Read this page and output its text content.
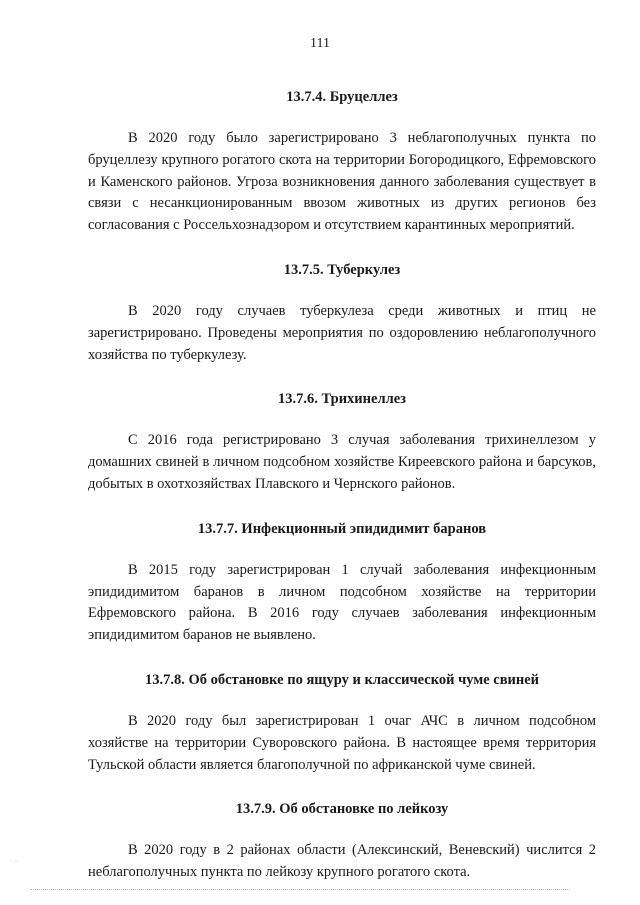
111
13.7.4. Бруцеллез

В 2020 году было зарегистрировано 3 неблагополучных пункта по бруцеллезу крупного рогатого скота на территории Богородицкого, Ефремовского и Каменского районов. Угроза возникновения данного заболевания существует в связи с несанкционированным ввозом животных из других регионов без согласования с Россельхознадзором и отсутствием карантинных мероприятий.

13.7.5. Туберкулез

В 2020 году случаев туберкулеза среди животных и птиц не зарегистрировано. Проведены мероприятия по оздоровлению неблагополучного хозяйства по туберкулезу.

13.7.6. Трихинеллез

С 2016 года регистрировано 3 случая заболевания трихинеллезом у домашних свиней в личном подсобном хозяйстве Киреевского района и барсуков, добытых в охотхозяйствах Плавского и Чернского районов.

13.7.7. Инфекционный эпидидимит баранов

В 2015 году зарегистрирован 1 случай заболевания инфекционным эпидидимитом баранов в личном подсобном хозяйстве на территории Ефремовского района. В 2016 году случаев заболевания инфекционным эпидидимитом баранов не выявлено.

13.7.8. Об обстановке по ящуру и классической чуме свиней

В 2020 году был зарегистрирован 1 очаг АЧС в личном подсобном хозяйстве на территории Суворовского района. В настоящее время территория Тульской области является благополучной по африканской чуме свиней.

13.7.9. Об обстановке по лейкозу

В 2020 году в 2 районах области (Алексинский, Веневский) числится 2 неблагополучных пункта по лейкозу крупного рогатого скота.

· .·.
